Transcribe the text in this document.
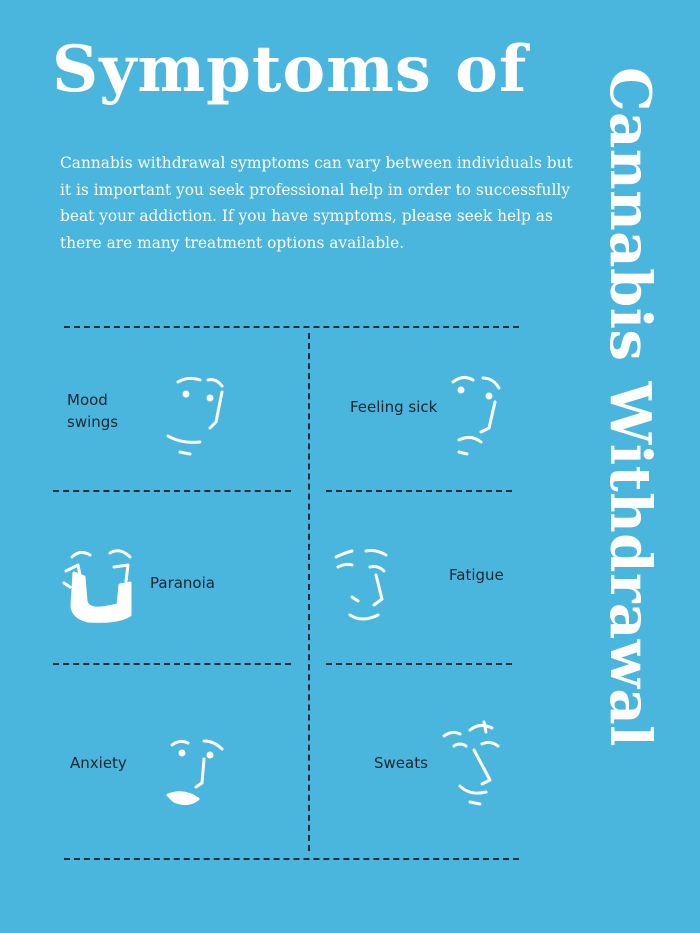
Symptoms of Cannabis Withdrawal
Cannabis withdrawal symptoms can vary between individuals but it is important you seek professional help in order to successfully beat your addiction. If you have symptoms, please seek help as there are many treatment options available.
Mood
swings
Feeling sick
Paranoia	Fatigue
Anxiety	Sweats
